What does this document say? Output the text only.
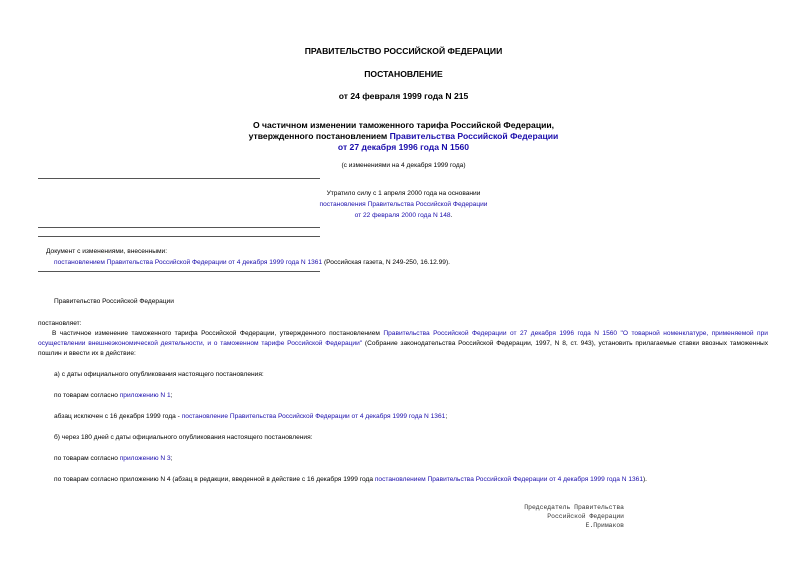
ПРАВИТЕЛЬСТВО РОССИЙСКОЙ ФЕДЕРАЦИИ
ПОСТАНОВЛЕНИЕ
от 24 февраля 1999 года N 215
О частичном изменении таможенного тарифа Российской Федерации,
утвержденного постановлением Правительства Российской Федерации
от 27 декабря 1996 года N 1560
(с изменениями на 4 декабря 1999 года)
Утратило силу с 1 апреля 2000 года на основании
постановления Правительства Российской Федерации
от 22 февраля 2000 года N 148.
Документ с изменениями, внесенными:
постановлением Правительства Российской Федерации от 4 декабря 1999 года N 1361 (Российская газета, N 249-250, 16.12.99).
Правительство Российской Федерации
постановляет:
В частичное изменение таможенного тарифа Российской Федерации, утвержденного постановлением Правительства Российской Федерации от 27 декабря 1996 года N 1560 "О товарной номенклатуре, применяемой при осуществлении внешнеэкономической деятельности, и о таможенном тарифе Российской Федерации" (Собрание законодательства Российской Федерации, 1997, N 8, ст. 943), установить прилагаемые ставки ввозных таможенных пошлин и ввести их в действие:
а) с даты официального опубликования настоящего постановления:
по товарам согласно приложению N 1;
абзац исключен с 16 декабря 1999 года - постановление Правительства Российской Федерации от 4 декабря 1999 года N 1361;
б) через 180 дней с даты официального опубликования настоящего постановления:
по товарам согласно приложению N 3;
по товарам согласно приложению N 4 (абзац в редакции, введенной в действие с 16 декабря 1999 года постановлением Правительства Российской Федерации от 4 декабря 1999 года N 1361).
Председатель Правительства
Российской Федерации
Е.Примаков
